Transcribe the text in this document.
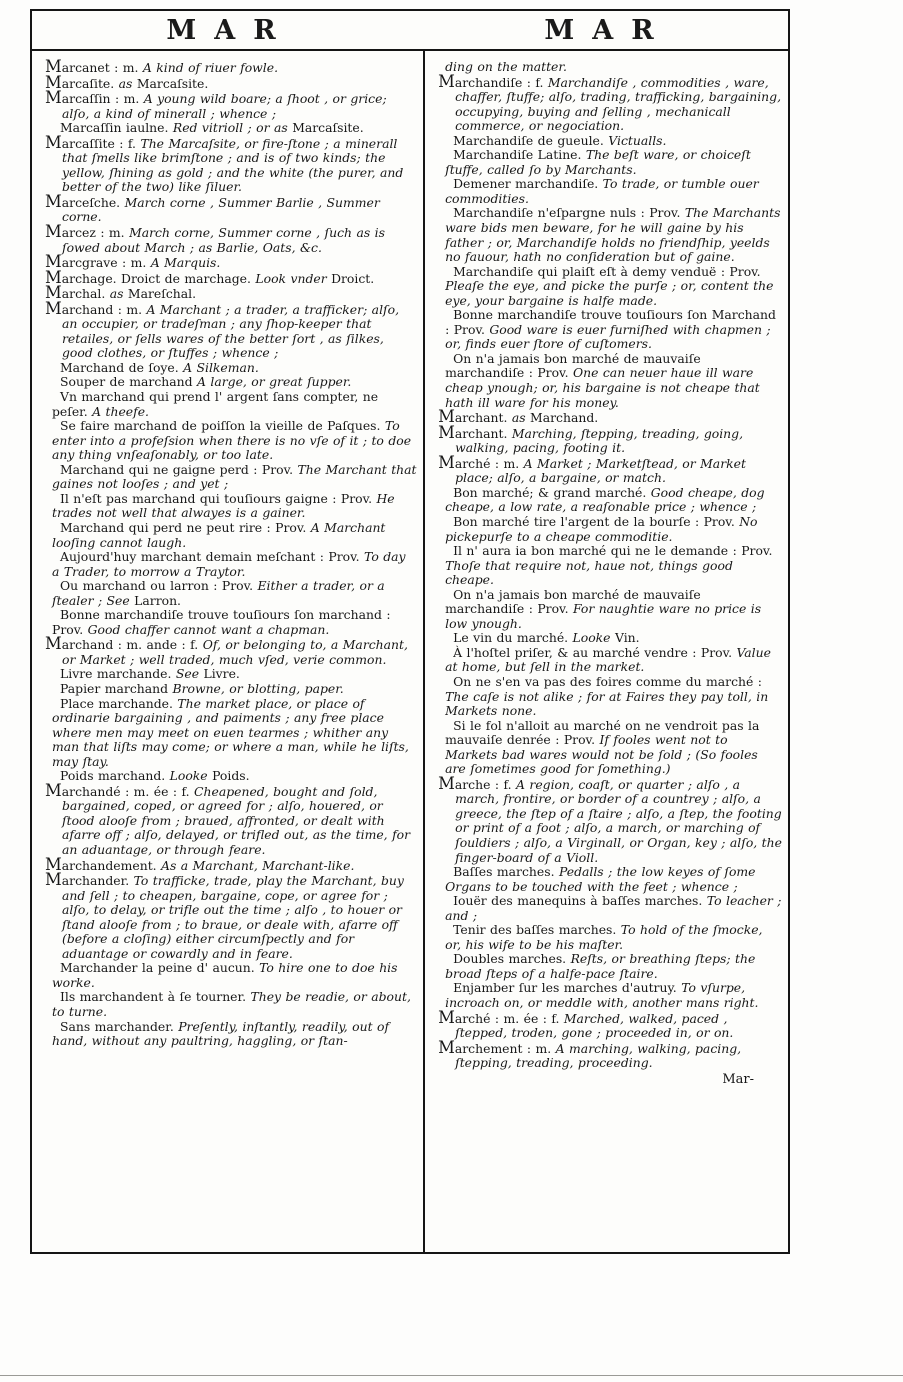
MAR	MAR

Marcanet : m. A kind of riuer fowle.

Marcaſite. as Marcaſsite.

Marcaſſin : m. A young wild boare; a ſhoot , or grice; alſo, a kind of minerall ; whence ;

Marcaſſin iaulne. Red vitrioll ; or as Marcaſsite.

Marcaſſite : f. The Marcaſsite, or fire-ſtone ; a minerall that ſmells like brimſtone ; and is of two kinds; the yellow, ſhining as gold ; and the white (the purer, and better of the two) like ſiluer.

Marceſche. March corne , Summer Barlie , Summer corne.

Marcez : m. March corne, Summer corne , ſuch as is ſowed about March ; as Barlie, Oats, &c.

Marcgrave : m. A Marquis.

Marchage. Droict de marchage. Look vnder Droict.

Marchal. as Mareſchal.

Marchand : m. A Marchant ; a trader, a trafficker; alſo, an occupier, or tradeſman ; any ſhop-keeper that retailes, or ſells wares of the better ſort , as ſilkes, good clothes, or ſtuffes ; whence ;

Marchand de ſoye. A Silkeman.

Souper de marchand A large, or great ſupper.

Vn marchand qui prend l' argent ſans compter, ne peſer. A theefe.

Se faire marchand de poiſſon la vieille de Paſques. To enter into a profeſsion when there is no vſe of it ; to doe any thing vnſeaſonably, or too late.

Marchand qui ne gaigne perd : Prov. The Marchant that gaines not looſes ; and yet ;

Il n'eſt pas marchand qui touſiours gaigne : Prov. He trades not well that alwayes is a gainer.

Marchand qui perd ne peut rire : Prov. A Marchant looſing cannot laugh.

Aujourd'huy marchant demain meſchant : Prov. To day a Trader, to morrow a Traytor.

Ou marchand ou larron : Prov. Either a trader, or a ſtealer ; See Larron.

Bonne marchandiſe trouve touſiours ſon marchand : Prov. Good chaffer cannot want a chapman.

Marchand : m. ande : f. Of, or belonging to, a Marchant, or Market ; well traded, much vſed, verie common.

Livre marchande. See Livre.

Papier marchand Browne, or blotting, paper.

Place marchande. The market place, or place of ordinarie bargaining , and paiments ; any free place where men may meet on euen tearmes ; whither any man that liſts may come; or where a man, while he liſts, may ſtay.

Poids marchand. Looke Poids.

Marchandé : m. ée : f. Cheapened, bought and ſold, bargained, coped, or agreed for ; alſo, houered, or ſtood alooſe from ; braued, affronted, or dealt with afarre off ; alſo, delayed, or trifled out, as the time, for an aduantage, or through feare.

Marchandement. As a Marchant, Marchant-like.

Marchander. To trafficke, trade, play the Marchant, buy and ſell ; to cheapen, bargaine, cope, or agree for ; alſo, to delay, or trifle out the time ; alſo , to houer or ſtand alooſe from ; to braue, or deale with, afarre off (before a cloſing) either circumſpectly and for aduantage or cowardly and in feare.

Marchander la peine d' aucun. To hire one to doe his worke.

Ils marchandent à ſe tourner. They be readie, or about, to turne.

Sans marchander. Preſently, inſtantly, readily, out of hand, without any paultring, haggling, or ſtan-

ding on the matter.

Marchandiſe : f. Marchandiſe , commodities , ware, chaffer, ſtuffe; alſo, trading, trafficking, bargaining, occupying, buying and ſelling , mechanicall commerce, or negociation.

Marchandiſe de gueule. Victualls.

Marchandiſe Latine. The beſt ware, or choiceſt ſtuffe, called ſo by Marchants.

Demener marchandiſe. To trade, or tumble ouer commodities.

Marchandiſe n'eſpargne nuls : Prov. The Marchants ware bids men beware, for he will gaine by his father ; or, Marchandiſe holds no friendſhip, yeelds no fauour, hath no conſideration but of gaine.

Marchandiſe qui plaiſt eſt à demy venduë : Prov. Pleaſe the eye, and picke the purſe ; or, content the eye, your bargaine is halfe made.

Bonne marchandiſe trouve touſiours ſon Marchand : Prov. Good ware is euer furniſhed with chapmen ; or, finds euer ſtore of cuſtomers.

On n'a jamais bon marché de mauvaiſe marchandiſe : Prov. One can neuer haue ill ware cheap ynough; or, his bargaine is not cheape that hath ill ware for his money.

Marchant. as Marchand.

Marchant. Marching, ſtepping, treading, going, walking, pacing, footing it.

Marché : m. A Market ; Marketſtead, or Market place; alſo, a bargaine, or match.

Bon marché; & grand marché. Good cheape, dog cheape, a low rate, a reaſonable price ; whence ;

Bon marché tire l'argent de la bourſe : Prov. No pickepurſe to a cheape commoditie.

Il n' aura ia bon marché qui ne le demande : Prov. Thoſe that require not, haue not, things good cheape.

On n'a jamais bon marché de mauvaiſe marchandiſe : Prov. For naughtie ware no price is low ynough.

Le vin du marché. Looke Vin.

À l'hoſtel priſer, & au marché vendre : Prov. Value at home, but ſell in the market.

On ne s'en va pas des foires comme du marché : The caſe is not alike ; for at Faires they pay toll, in Markets none.

Si le fol n'alloit au marché on ne vendroit pas la mauvaiſe denrée : Prov. If fooles went not to Markets bad wares would not be ſold ; (So fooles are ſometimes good for ſomething.)

Marche : f. A region, coaſt, or quarter ; alſo , a march, frontire, or border of a countrey ; alſo, a greece, the ſtep of a ſtaire ; alſo, a ſtep, the footing or print of a foot ; alſo, a march, or marching of ſouldiers ; alſo, a Virginall, or Organ, key ; alſo, the finger-board of a Violl.

Baſſes marches. Pedalls ; the low keyes of ſome Organs to be touched with the feet ; whence ;

Iouër des manequins à baſſes marches. To leacher ; and ;

Tenir des baſſes marches. To hold of the ſmocke, or, his wife to be his maſter.

Doubles marches. Reſts, or breathing ſteps; the broad ſteps of a halfe-pace ſtaire.

Enjamber ſur les marches d'autruy. To vſurpe, incroach on, or meddle with, another mans right.

Marché : m. ée : f. Marched, walked, paced , ſtepped, troden, gone ; proceeded in, or on.

Marchement : m. A marching, walking, pacing, ſtepping, treading, proceeding.

Mar-
